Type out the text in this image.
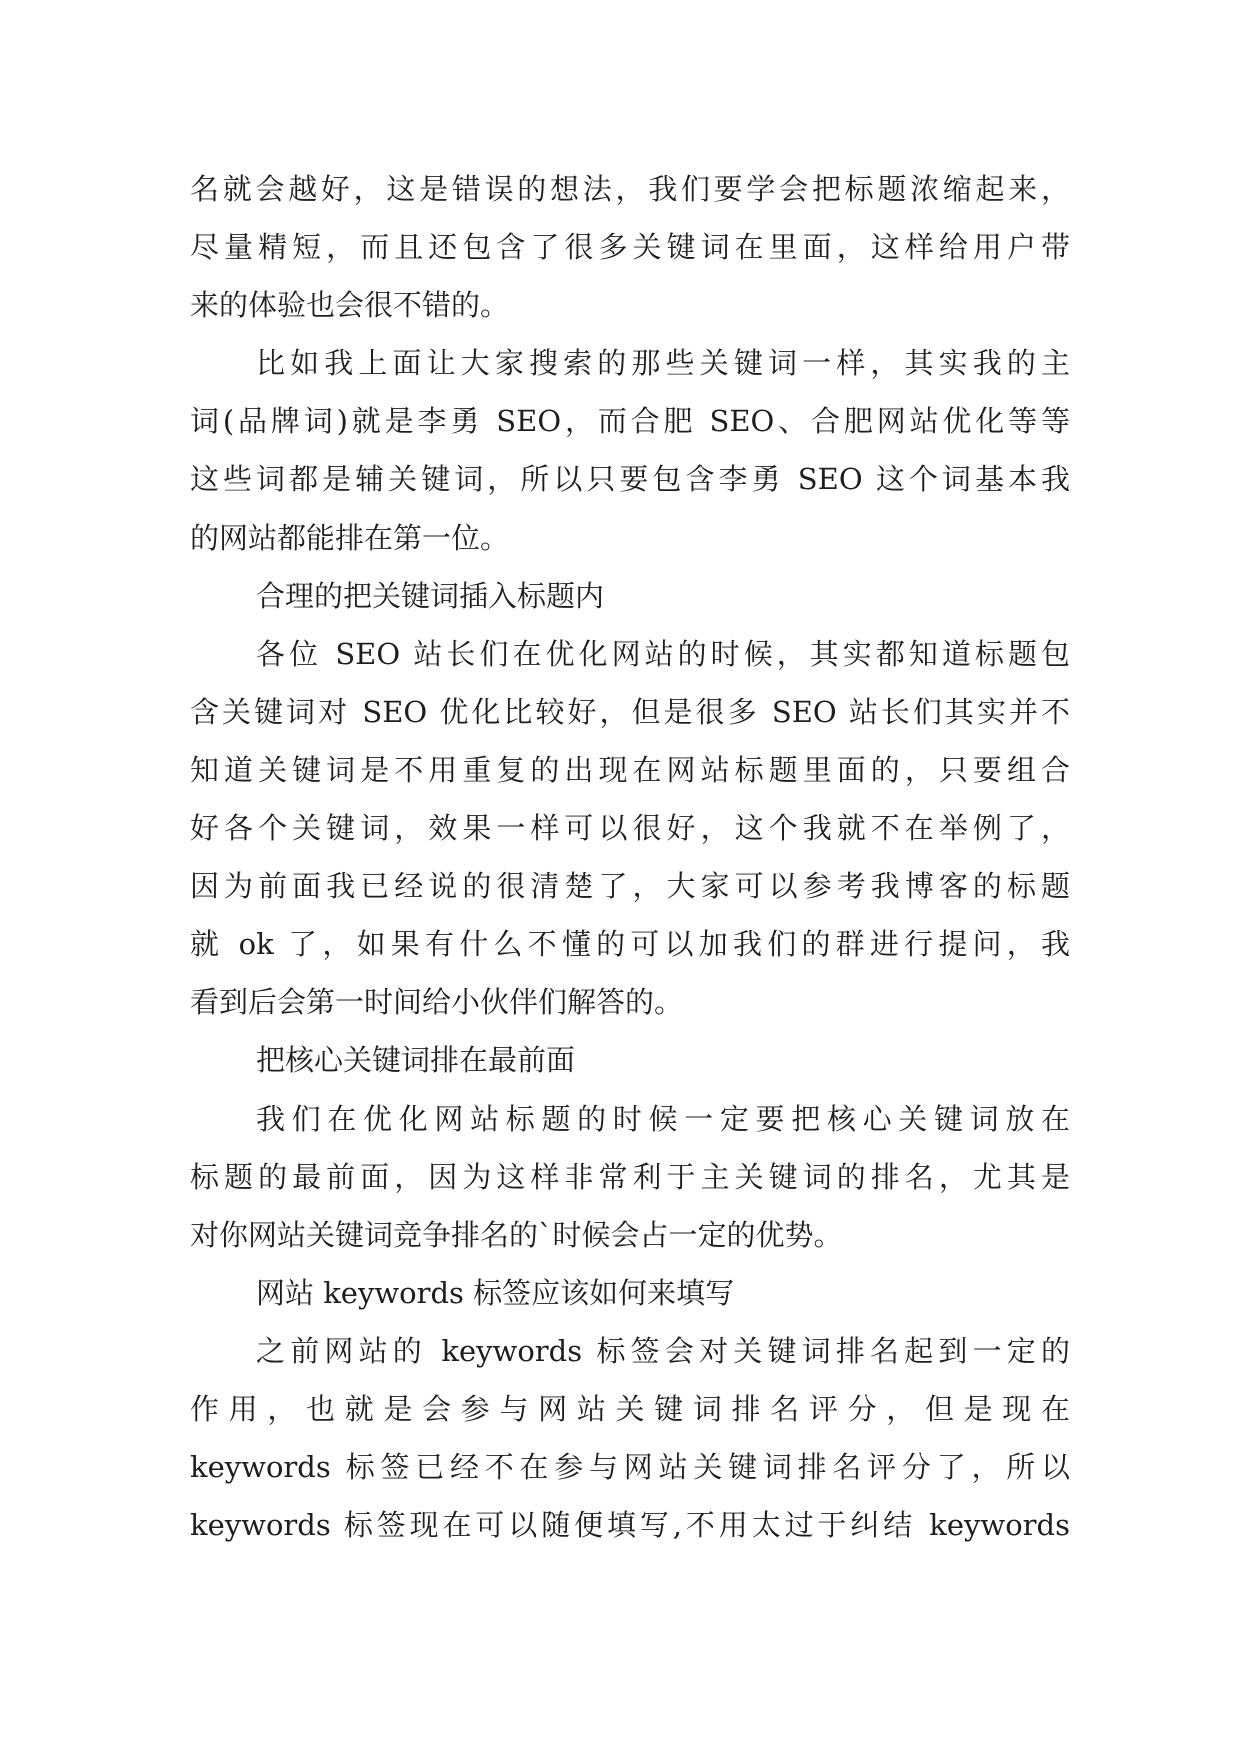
名就会越好，这是错误的想法，我们要学会把标题浓缩起来，
尽量精短，而且还包含了很多关键词在里面，这样给用户带
来的体验也会很不错的。
比如我上面让大家搜索的那些关键词一样，其实我的主
词(品牌词)就是李勇 SEO，而合肥 SEO、合肥网站优化等等
这些词都是辅关键词，所以只要包含李勇 SEO 这个词基本我
的网站都能排在第一位。
合理的把关键词插入标题内
各位 SEO 站长们在优化网站的时候，其实都知道标题包
含关键词对 SEO 优化比较好，但是很多 SEO 站长们其实并不
知道关键词是不用重复的出现在网站标题里面的，只要组合
好各个关键词，效果一样可以很好，这个我就不在举例了，
因为前面我已经说的很清楚了，大家可以参考我博客的标题
就 ok 了，如果有什么不懂的可以加我们的群进行提问，我
看到后会第一时间给小伙伴们解答的。
把核心关键词排在最前面
我们在优化网站标题的时候一定要把核心关键词放在
标题的最前面，因为这样非常利于主关键词的排名，尤其是
对你网站关键词竞争排名的`时候会占一定的优势。
网站 keywords 标签应该如何来填写
之前网站的 keywords 标签会对关键词排名起到一定的
作 用 ， 也 就 是 会 参 与 网 站 关 键 词 排 名 评 分 ， 但 是 现 在
keywords 标签已经不在参与网站关键词排名评分了，所以
keywords 标签现在可以随便填写,不用太过于纠结 keywords
